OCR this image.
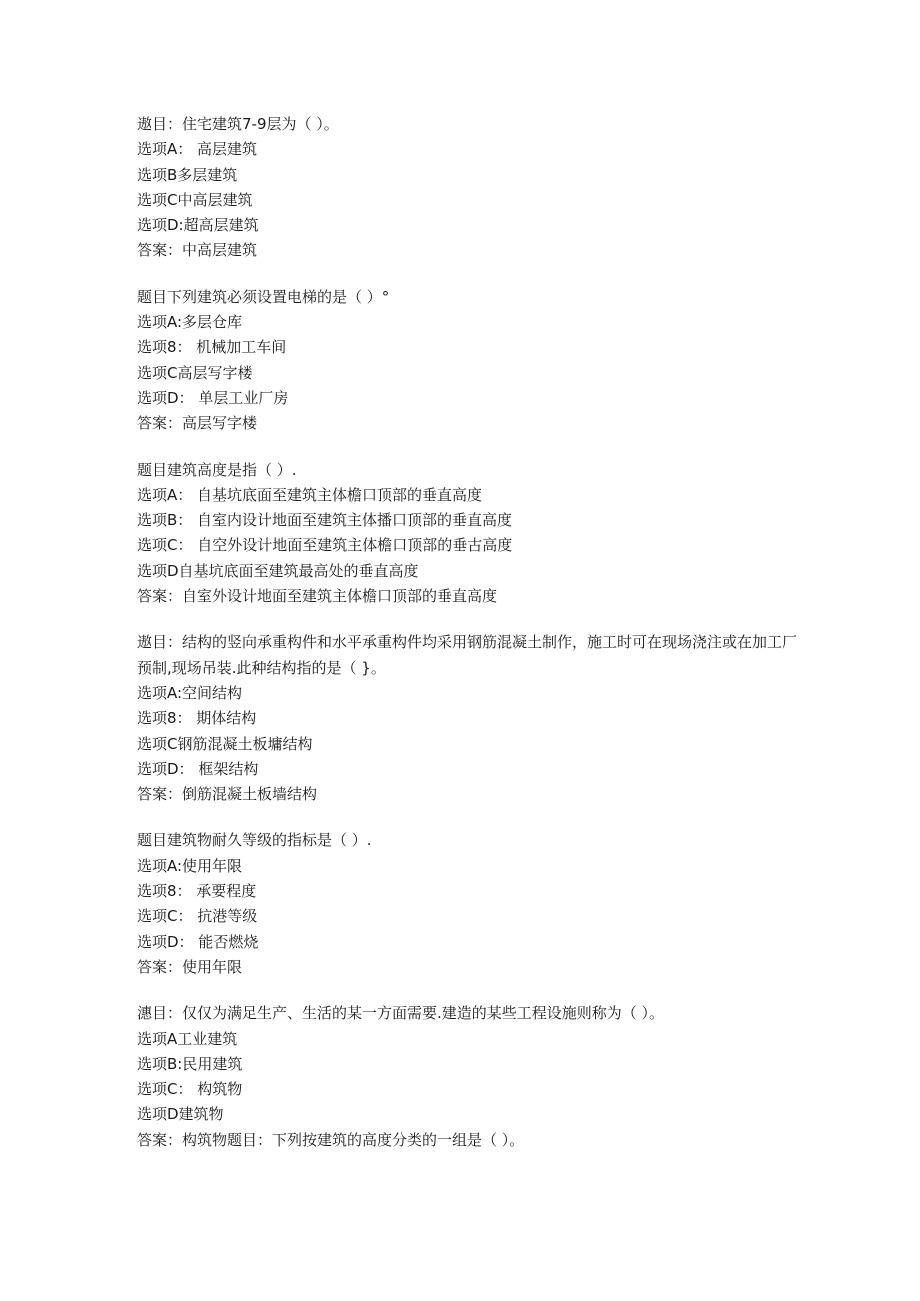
遨目：住宅建筑7-9层为（ ）。
选项A： 高层建筑
选项B多层建筑
选项C中高层建筑
选项D:超高层建筑
答案：中高层建筑
题目下列建筑必须设置电梯的是（ ）°
选项A:多层仓库
选项8： 机械加工车间
选项C高层写字楼
选项D： 单层工业厂房
答案：高层写字楼
题目建筑高度是指（ ）.
选项A： 自基坑底面至建筑主体檐口顶部的垂直高度
选项B： 自室内设计地面至建筑主体播口顶部的垂直高度
选项C： 自空外设计地面至建筑主体檐口顶部的垂古高度
选项D自基坑底面至建筑最高处的垂直高度
答案：自室外设计地面至建筑主体檐口顶部的垂直高度
遨目：结构的竖向承重构件和水平承重构件均采用钢筋混凝土制作，施工时可在现场浇注或在加工厂预制,现场吊装.此种结构指的是（ }。
选项A:空间结构
选项8： 期体结构
选项C钢筋混凝土板墉结构
选项D： 框架结构
答案：倒筋混凝土板墙结构
题目建筑物耐久等级的指标是（ ）.
选项A:使用年限
选项8： 承要程度
选项C： 抗港等级
选项D： 能否燃烧
答案：使用年限
潓目：仅仅为满足生产、生活的某一方面需要.建造的某些工程设施则称为（ ）。
选项A工业建筑
选项B:民用建筑
选项C： 构筑物
选项D建筑物
答案：构筑物题目：下列按建筑的高度分类的一组是（ ）。
